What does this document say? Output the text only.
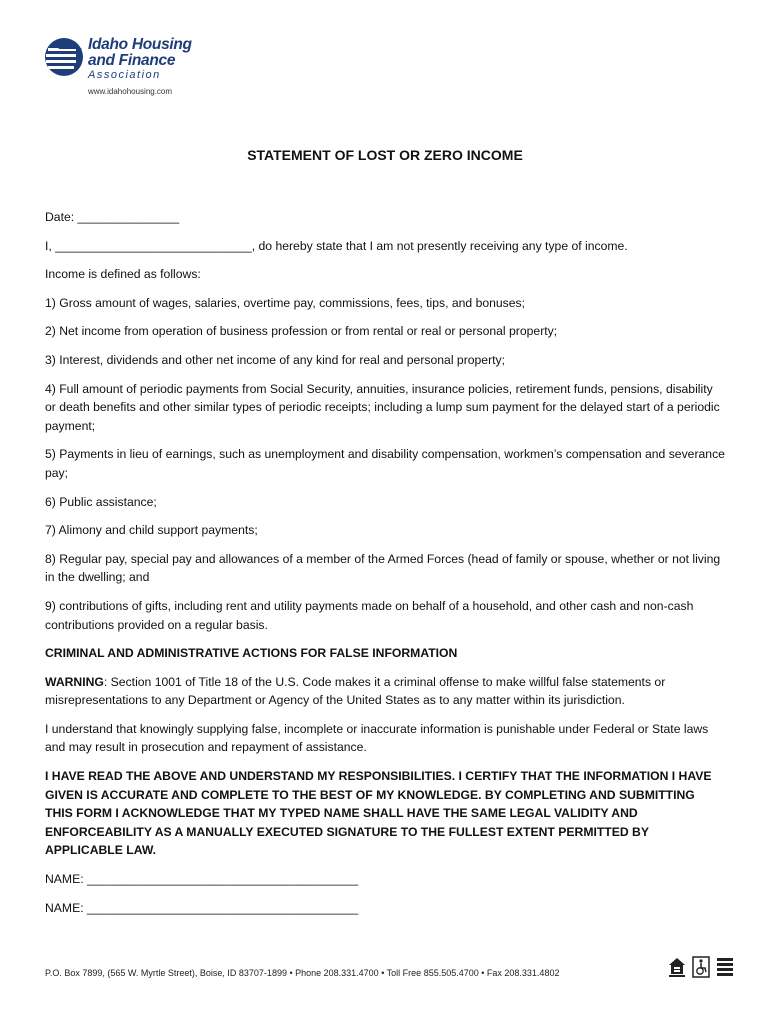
Idaho Housing
and Finance
Association
www.idahohousing.com
STATEMENT OF LOST OR ZERO INCOME

Date: _______________

I, _____________________________, do hereby state that I am not presently receiving any type of income.

Income is defined as follows:

1) Gross amount of wages, salaries, overtime pay, commissions, fees, tips, and bonuses;

2) Net income from operation of business profession or from rental or real or personal property;

3) Interest, dividends and other net income of any kind for real and personal property;

4) Full amount of periodic payments from Social Security, annuities, insurance policies, retirement funds, pensions, disability or death benefits and other similar types of periodic receipts; including a lump sum payment for the delayed start of a periodic payment;

5) Payments in lieu of earnings, such as unemployment and disability compensation, workmen’s compensation and severance pay;

6) Public assistance;

7) Alimony and child support payments;

8) Regular pay, special pay and allowances of a member of the Armed Forces (head of family or spouse, whether or not living in the dwelling; and

9) contributions of gifts, including rent and utility payments made on behalf of a household, and other cash and non-cash contributions provided on a regular basis.

CRIMINAL AND ADMINISTRATIVE ACTIONS FOR FALSE INFORMATION

WARNING: Section 1001 of Title 18 of the U.S. Code makes it a criminal offense to make willful false statements or misrepresentations to any Department or Agency of the United States as to any matter within its jurisdiction.

I understand that knowingly supplying false, incomplete or inaccurate information is punishable under Federal or State laws and may result in prosecution and repayment of assistance.

I HAVE READ THE ABOVE AND UNDERSTAND MY RESPONSIBILITIES. I CERTIFY THAT THE INFORMATION I HAVE GIVEN IS ACCURATE AND COMPLETE TO THE BEST OF MY KNOWLEDGE. BY COMPLETING AND SUBMITTING THIS FORM I ACKNOWLEDGE THAT MY TYPED NAME SHALL HAVE THE SAME LEGAL VALIDITY AND ENFORCEABILITY AS A MANUALLY EXECUTED SIGNATURE TO THE FULLEST EXTENT PERMITTED BY APPLICABLE LAW.

NAME: ________________________________________

NAME: ________________________________________

P.O. Box 7899, (565 W. Myrtle Street), Boise, ID 83707-1899 • Phone 208.331.4700 • Toll Free 855.505.4700 • Fax 208.331.4802
